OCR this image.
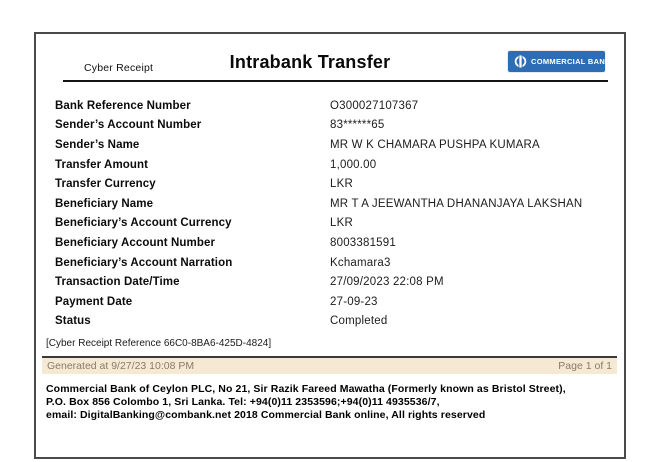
Cyber Receipt	Intrabank Transfer	COMMERCIAL BANK
Bank Reference Number	O300027107367
Sender’s Account Number	83******65
Sender’s Name	MR W K CHAMARA PUSHPA KUMARA
Transfer Amount	1,000.00
Transfer Currency	LKR
Beneficiary Name	MR T A JEEWANTHA DHANANJAYA LAKSHAN
Beneficiary’s Account Currency	LKR
Beneficiary Account Number	8003381591
Beneficiary’s Account Narration	Kchamara3
Transaction Date/Time	27/09/2023 22:08 PM
Payment Date	27-09-23
Status	Completed
[Cyber Receipt Reference 66C0-8BA6-425D-4824]
Generated at 9/27/23 10:08 PM	Page 1 of 1
Commercial Bank of Ceylon PLC, No 21, Sir Razik Fareed Mawatha (Formerly known as Bristol Street),
P.O. Box 856 Colombo 1, Sri Lanka. Tel: +94(0)11 2353596;+94(0)11 4935536/7,
email: DigitalBanking@combank.net 2018 Commercial Bank online, All rights reserved
